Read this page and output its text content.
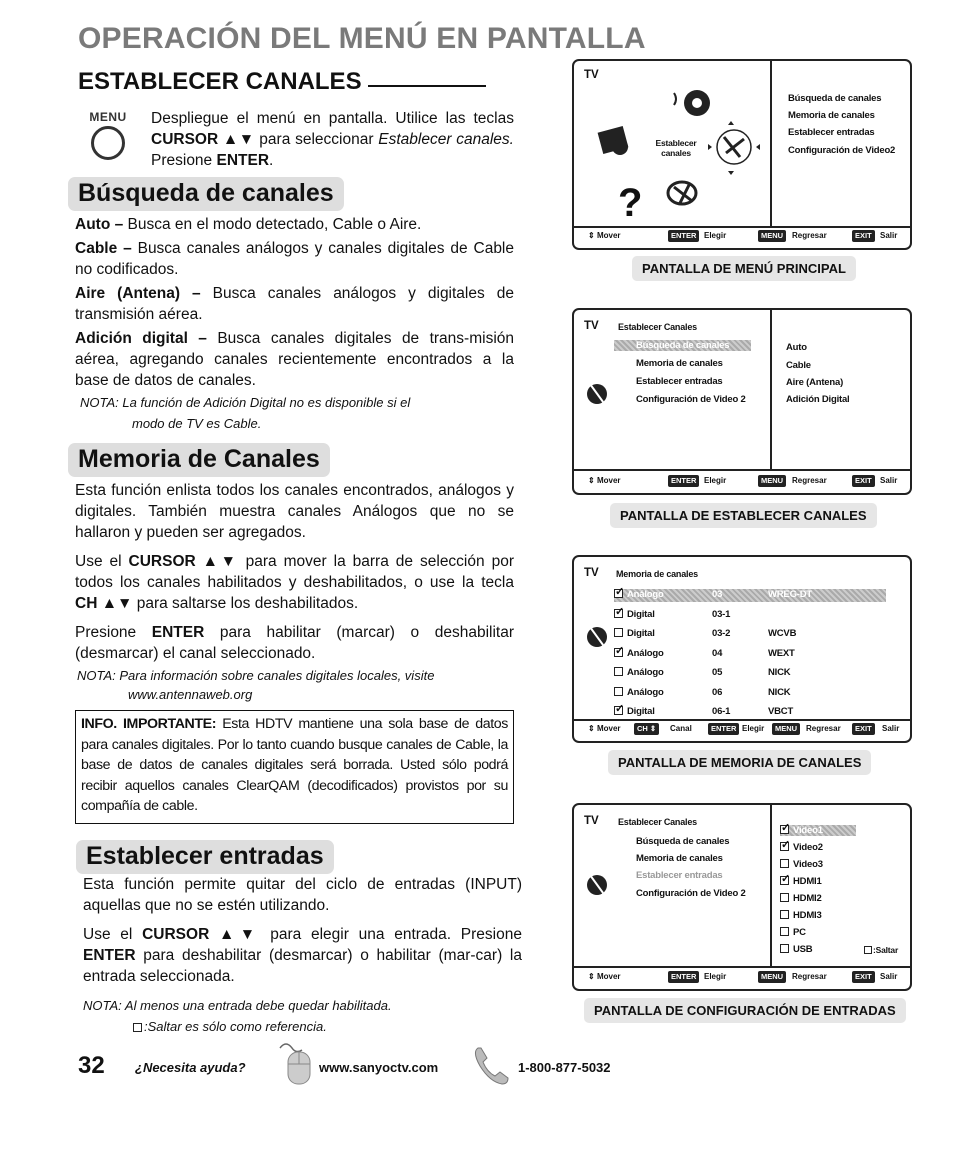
OPERACIÓN DEL MENÚ EN PANTALLA
ESTABLECER CANALES
MENU	Despliegue el menú en pantalla. Utilice las teclas CURSOR ▲▼ para seleccionar Establecer canales. Presione ENTER.
Búsqueda de canales
Auto – Busca en el modo detectado, Cable o Aire.
Cable – Busca canales análogos y canales digitales de Cable no codificados.
Aire (Antena) – Busca canales análogos y digitales de transmisión aérea.
Adición digital – Busca canales digitales de trans-misión aérea, agregando canales recientemente encontrados a la base de datos de canales.
NOTA: La función de Adición Digital no es disponible si el
modo de TV es Cable.
Memoria de Canales
Esta función enlista todos los canales encontrados, análogos y digitales. También muestra canales Análogos que no se hallaron y pueden ser agregados.
Use el CURSOR ▲▼ para mover la barra de selección por todos los canales habilitados y deshabilitados, o use la tecla CH ▲▼ para saltarse los deshabilitados.
Presione ENTER para habilitar (marcar) o deshabilitar (desmarcar) el canal seleccionado.
NOTA: Para información sobre canales digitales locales, visite
www.antennaweb.org
INFO. IMPORTANTE: Esta HDTV mantiene una sola base de datos para canales digitales. Por lo tanto cuando busque canales de Cable, la base de datos de canales digitales será borrada. Usted sólo podrá recibir aquellos canales ClearQAM (decodificados) provistos por su compañía de cable.
Establecer entradas
Esta función permite quitar del ciclo de entradas (INPUT) aquellas que no se estén utilizando.
Use el CURSOR ▲▼ para elegir una entrada. Presione ENTER para deshabilitar (desmarcar) o habilitar (mar-car) la entrada seleccionada.
NOTA: Al menos una entrada debe quedar habilitada.
:Saltar es sólo como referencia.
TV
?
Establecer canales
Búsqueda de canales
Memoria de canales
Establecer entradas
Configuración de Video2
⇕ Mover	ENTER Elegir	MENU	Regresar	EXIT	Salir
PANTALLA DE MENÚ PRINCIPAL
TV Establecer Canales
Búsqueda de canales
Memoria de canales
Establecer entradas
Configuración de Video 2
Auto
Cable
Aire (Antena)
Adición Digital
⇕ Mover	ENTER Elegir	MENU	Regresar	EXIT	Salir
PANTALLA DE ESTABLECER CANALES
TV Memoria de canales
✓Análogo	03	WREG-DT
✓Digital	03-1
Digital	03-2	WCVB
✓Análogo	04	WEXT
Análogo	05	NICK
Análogo	06	NICK
✓Digital	06-1	VBCT
⇕ Mover	CH ⇕	Canal	ENTER Elegir	MENU	Regresar	EXIT	Salir
PANTALLA DE MEMORIA DE CANALES
TV Establecer Canales
Búsqueda de canales
Memoria de canales
Establecer entradas
Configuración de Video 2
✓Video1
✓Video2
Video3
✓HDMI1
HDMI2
HDMI3
PC
USB	:Saltar
⇕ Mover	ENTER Elegir	MENU	Regresar	EXIT	Salir
PANTALLA DE CONFIGURACIÓN DE ENTRADAS
32 ¿Necesita ayuda?	www.sanyoctv.com	1-800-877-5032
